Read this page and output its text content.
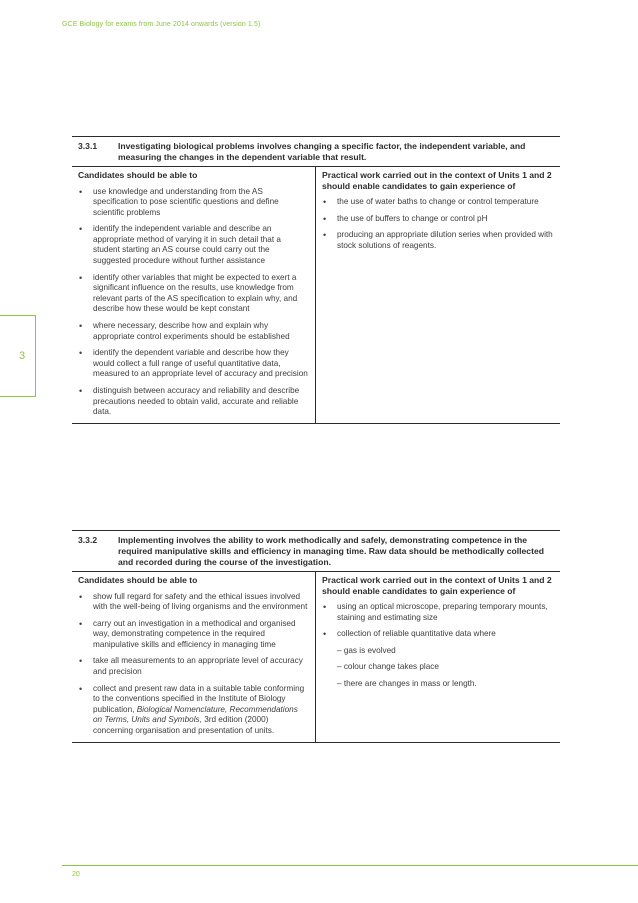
GCE Biology for exams from June 2014 onwards (version 1.5)
3
3.3.1	Investigating biological problems involves changing a specific factor, the independent variable, and measuring the changes in the dependent variable that result.
Candidates should be able to
• use knowledge and understanding from the AS specification to pose scientific questions and define scientific problems
• identify the independent variable and describe an appropriate method of varying it in such detail that a student starting an AS course could carry out the suggested procedure without further assistance
• identify other variables that might be expected to exert a significant influence on the results, use knowledge from relevant parts of the AS specification to explain why, and describe how these would be kept constant
• where necessary, describe how and explain why appropriate control experiments should be established
• identify the dependent variable and describe how they would collect a full range of useful quantitative data, measured to an appropriate level of accuracy and precision
• distinguish between accuracy and reliability and describe precautions needed to obtain valid, accurate and reliable data.
Practical work carried out in the context of Units 1 and 2 should enable candidates to gain experience of
• the use of water baths to change or control temperature
• the use of buffers to change or control pH
• producing an appropriate dilution series when provided with stock solutions of reagents.
3.3.2	Implementing involves the ability to work methodically and safely, demonstrating competence in the required manipulative skills and efficiency in managing time. Raw data should be methodically collected and recorded during the course of the investigation.
Candidates should be able to
• show full regard for safety and the ethical issues involved with the well-being of living organisms and the environment
• carry out an investigation in a methodical and organised way, demonstrating competence in the required manipulative skills and efficiency in managing time
• take all measurements to an appropriate level of accuracy and precision
• collect and present raw data in a suitable table conforming to the conventions specified in the Institute of Biology publication, Biological Nomenclature, Recommendations on Terms, Units and Symbols, 3rd edition (2000) concerning organisation and presentation of units.
Practical work carried out in the context of Units 1 and 2 should enable candidates to gain experience of
• using an optical microscope, preparing temporary mounts, staining and estimating size
• collection of reliable quantitative data where
– gas is evolved
– colour change takes place
– there are changes in mass or length.
20
